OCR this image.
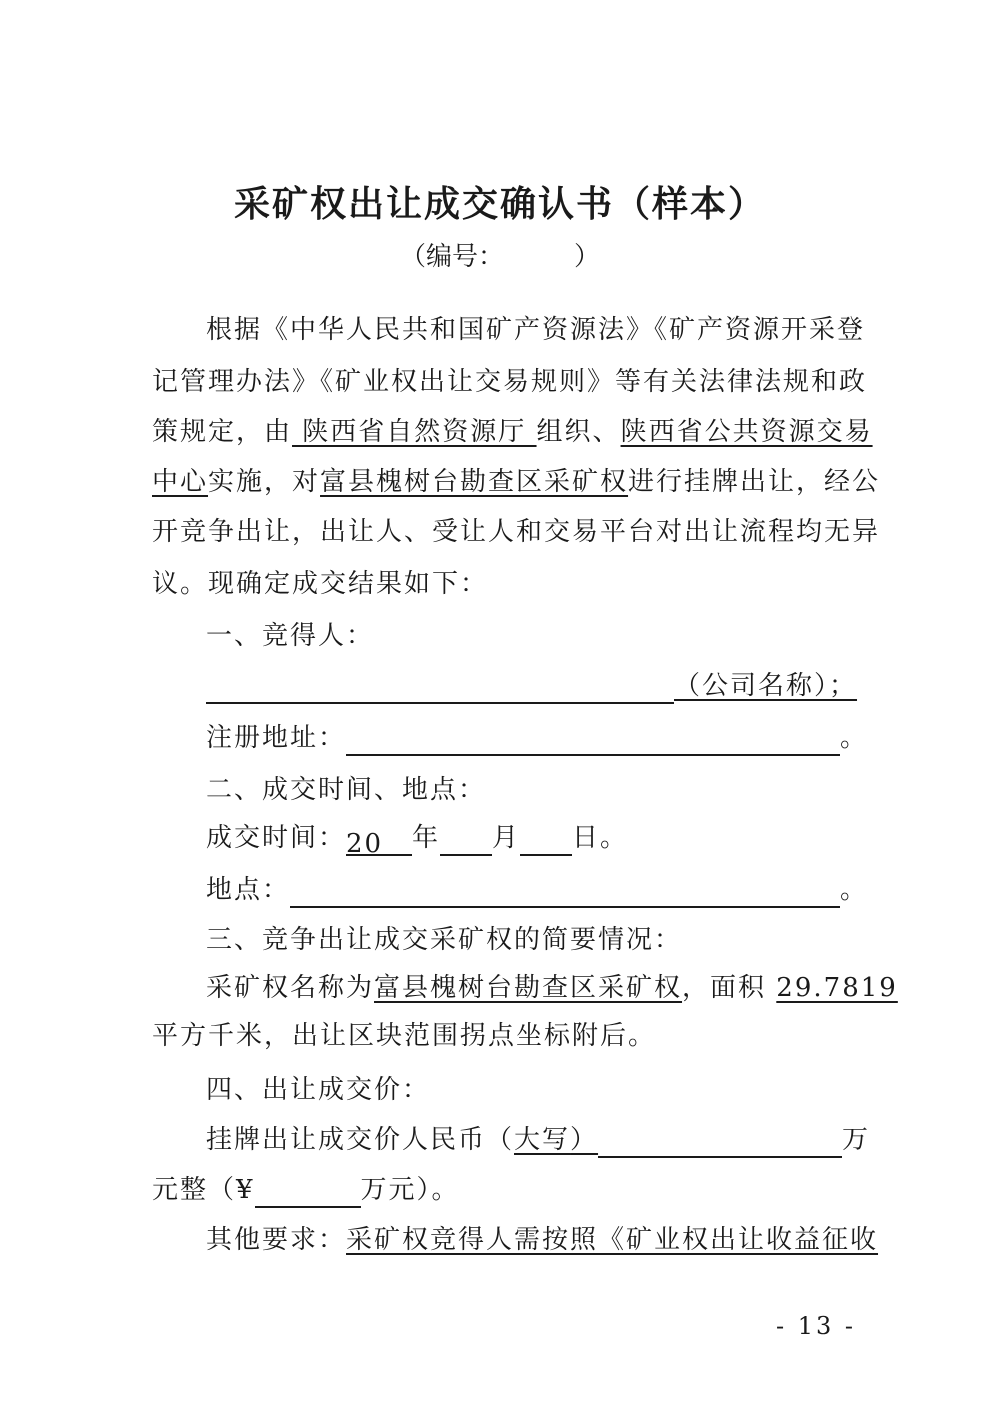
采矿权出让成交确认书（样本）
（编号：	）
根据《中华人民共和国矿产资源法》《矿产资源开采登
记管理办法》《矿业权出让交易规则》等有关法律法规和政
策规定，由 陕西省自然资源厅 组织、陕西省公共资源交易
中心实施，对富县槐树台勘查区采矿权进行挂牌出让，经公
开竞争出让，出让人、受让人和交易平台对出让流程均无异
议。现确定成交结果如下：
一、竞得人：
（公司名称）；
注册地址：	。
二、成交时间、地点：
成交时间：20 年 月 日。
地点：	。
三、竞争出让成交采矿权的简要情况：
采矿权名称为富县槐树台勘查区采矿权，面积 29.7819
平方千米，出让区块范围拐点坐标附后。
四、出让成交价：
挂牌出让成交价人民币（大写）	万
元整（¥	万元）。
其他要求：采矿权竞得人需按照《矿业权出让收益征收
- 13 -
